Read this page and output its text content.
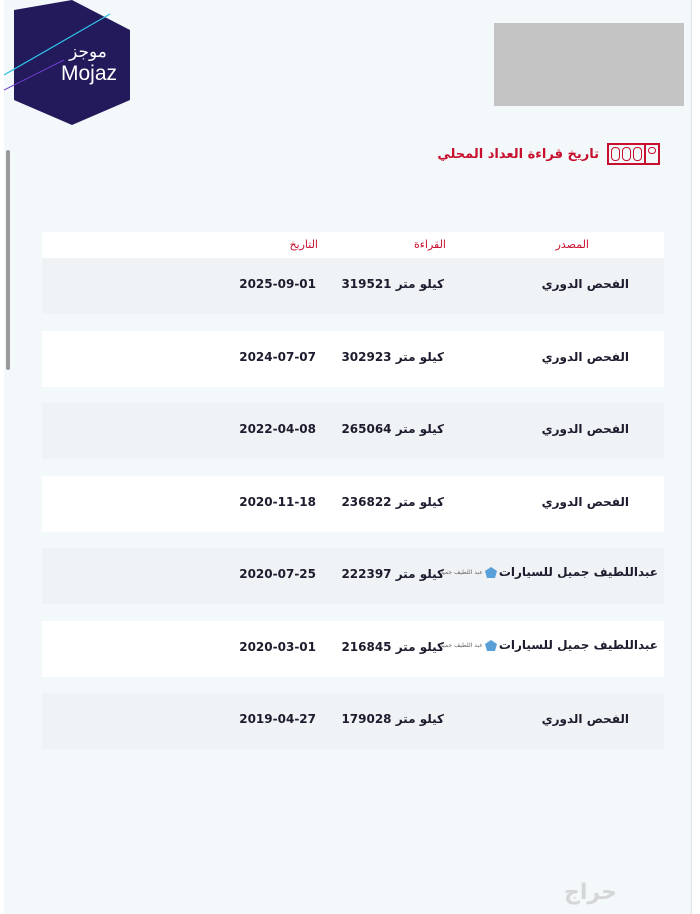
موجز
Mojaz
تاريخ قراءة العداد المحلي
المصدر
القراءة
التاريخ
الفحص الدوري
319521 كيلو متر
2025-09-01
الفحص الدوري
302923 كيلو متر
2024-07-07
الفحص الدوري
265064 كيلو متر
2022-04-08
الفحص الدوري
236822 كيلو متر
2020-11-18
عبداللطيف جميل للسيارات
عبد اللطيف جميل
222397 كيلو متر
2020-07-25
عبداللطيف جميل للسيارات
عبد اللطيف جميل
216845 كيلو متر
2020-03-01
الفحص الدوري
179028 كيلو متر
2019-04-27
حراج
